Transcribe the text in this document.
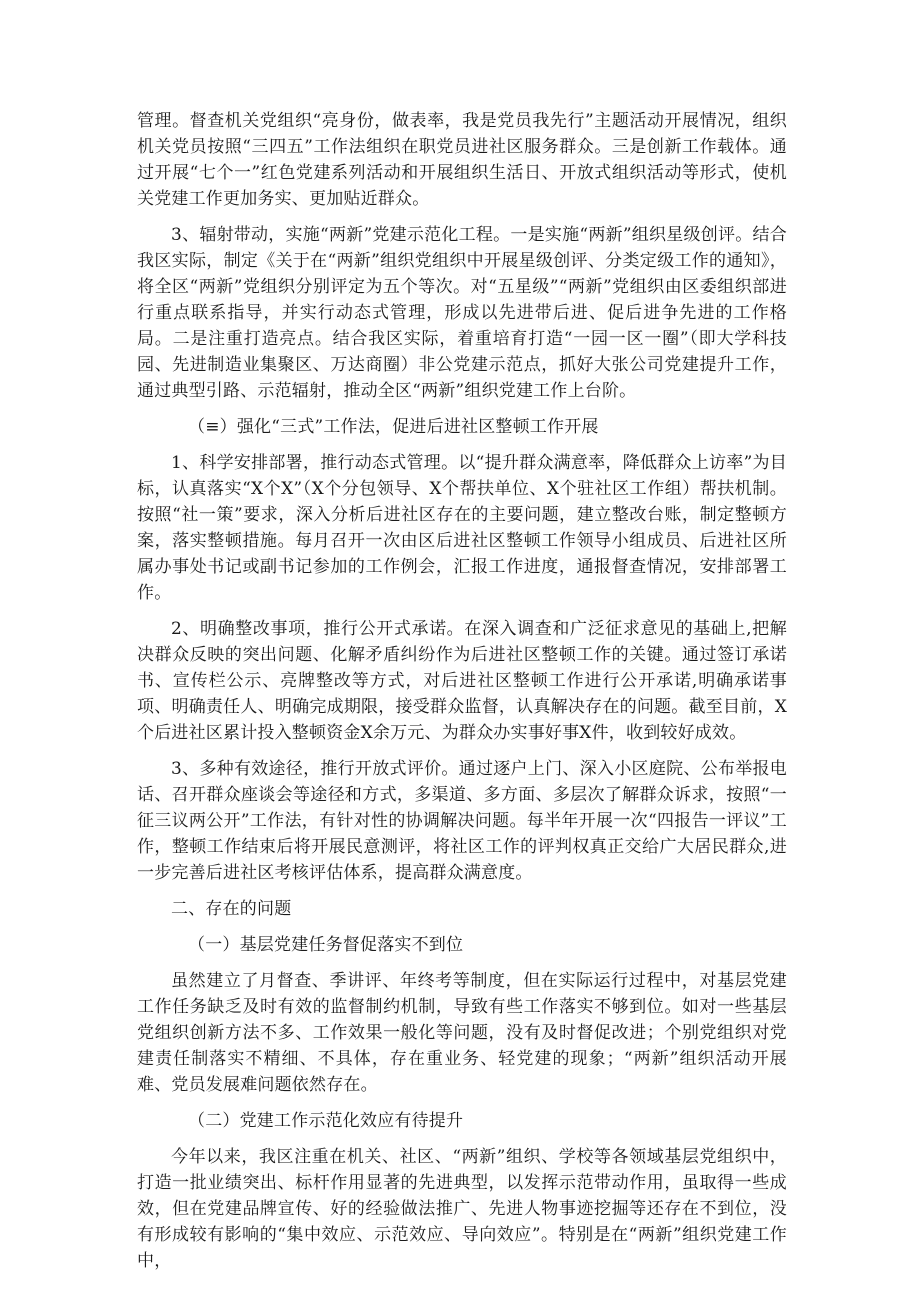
管理。督查机关党组织“亮身份，做表率，我是党员我先行”主题活动开展情况，组织机关党员按照“三四五”工作法组织在职党员进社区服务群众。三是创新工作载体。通过开展“七个一”红色党建系列活动和开展组织生活日、开放式组织活动等形式，使机关党建工作更加务实、更加贴近群众。

3、辐射带动，实施“两新”党建示范化工程。一是实施“两新”组织星级创评。结合我区实际，制定《关于在“两新”组织党组织中开展星级创评、分类定级工作的通知》，将全区“两新”党组织分别评定为五个等次。对“五星级”“两新”党组织由区委组织部进行重点联系指导，并实行动态式管理，形成以先进带后进、促后进争先进的工作格局。二是注重打造亮点。结合我区实际，着重培育打造“一园一区一圈”（即大学科技园、先进制造业集聚区、万达商圈）非公党建示范点，抓好大张公司党建提升工作，通过典型引路、示范辐射，推动全区“两新”组织党建工作上台阶。

（≡）强化“三式”工作法，促进后进社区整顿工作开展

1、科学安排部署，推行动态式管理。以“提升群众满意率，降低群众上访率”为目标，认真落实“X个X”（X个分包领导、X个帮扶单位、X个驻社区工作组）帮扶机制。按照“社一策”要求，深入分析后进社区存在的主要问题，建立整改台账，制定整顿方案，落实整顿措施。每月召开一次由区后进社区整顿工作领导小组成员、后进社区所属办事处书记或副书记参加的工作例会，汇报工作进度，通报督查情况，安排部署工作。

2、明确整改事项，推行公开式承诺。在深入调查和广泛征求意见的基础上,把解决群众反映的突出问题、化解矛盾纠纷作为后进社区整顿工作的关键。通过签订承诺书、宣传栏公示、亮牌整改等方式，对后进社区整顿工作进行公开承诺,明确承诺事项、明确责任人、明确完成期限，接受群众监督，认真解决存在的问题。截至目前，X个后进社区累计投入整顿资金X余万元、为群众办实事好事X件，收到较好成效。

3、多种有效途径，推行开放式评价。通过逐户上门、深入小区庭院、公布举报电话、召开群众座谈会等途径和方式，多渠道、多方面、多层次了解群众诉求，按照“一征三议两公开”工作法，有针对性的协调解决问题。每半年开展一次“四报告一评议”工作，整顿工作结束后将开展民意测评，将社区工作的评判权真正交给广大居民群众,进一步完善后进社区考核评估体系，提高群众满意度。

二、存在的问题

（一）基层党建任务督促落实不到位

虽然建立了月督查、季讲评、年终考等制度，但在实际运行过程中，对基层党建工作任务缺乏及时有效的监督制约机制，导致有些工作落实不够到位。如对一些基层党组织创新方法不多、工作效果一般化等问题，没有及时督促改进；个别党组织对党建责任制落实不精细、不具体，存在重业务、轻党建的现象；“两新”组织活动开展难、党员发展难问题依然存在。

（二）党建工作示范化效应有待提升

今年以来，我区注重在机关、社区、“两新”组织、学校等各领域基层党组织中，打造一批业绩突出、标杆作用显著的先进典型，以发挥示范带动作用，虽取得一些成效，但在党建品牌宣传、好的经验做法推广、先进人物事迹挖掘等还存在不到位，没有形成较有影响的“集中效应、示范效应、导向效应”。特别是在“两新”组织党建工作中，
